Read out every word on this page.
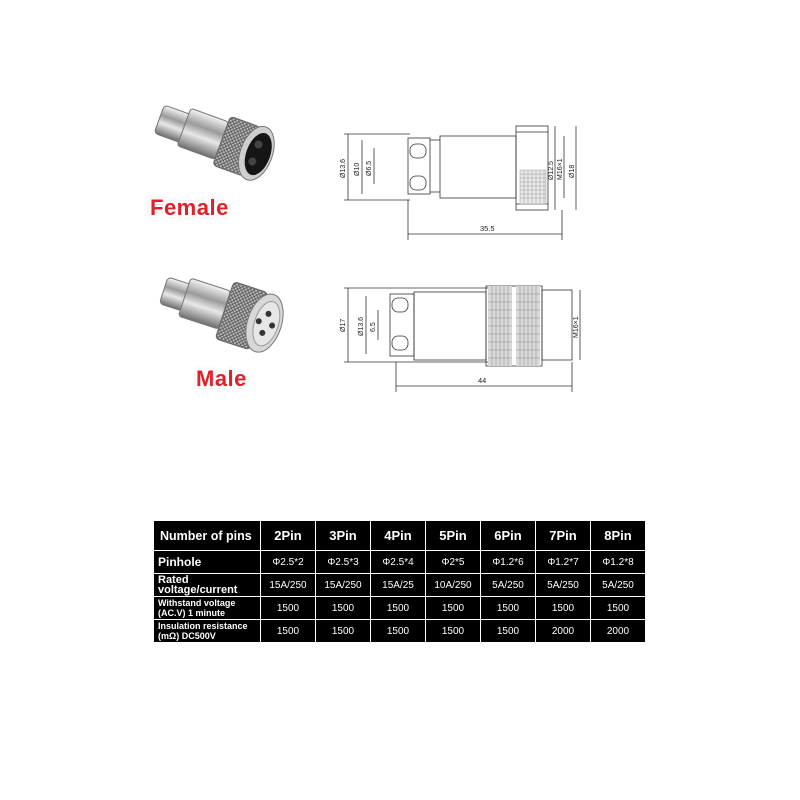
Female
Male
Ø13.6 Ø10 Ø6.5	Ø12.5 M16×1 Ø18
35.5
Ø17 Ø13.6 6.5	M16×1
44
Number of pins	2Pin	3Pin	4Pin	5Pin	6Pin	7Pin	8Pin
Pinhole	Φ2.5*2	Φ2.5*3	Φ2.5*4	Φ2*5	Φ1.2*6	Φ1.2*7	Φ1.2*8
Rated voltage/current	15A/250	15A/250	15A/25	10A/250	5A/250	5A/250	5A/250
Withstand voltage (AC.V) 1 minute	1500	1500	1500	1500	1500	1500	1500
Insulation resistance (mΩ) DC500V	1500	1500	1500	1500	1500	2000	2000
